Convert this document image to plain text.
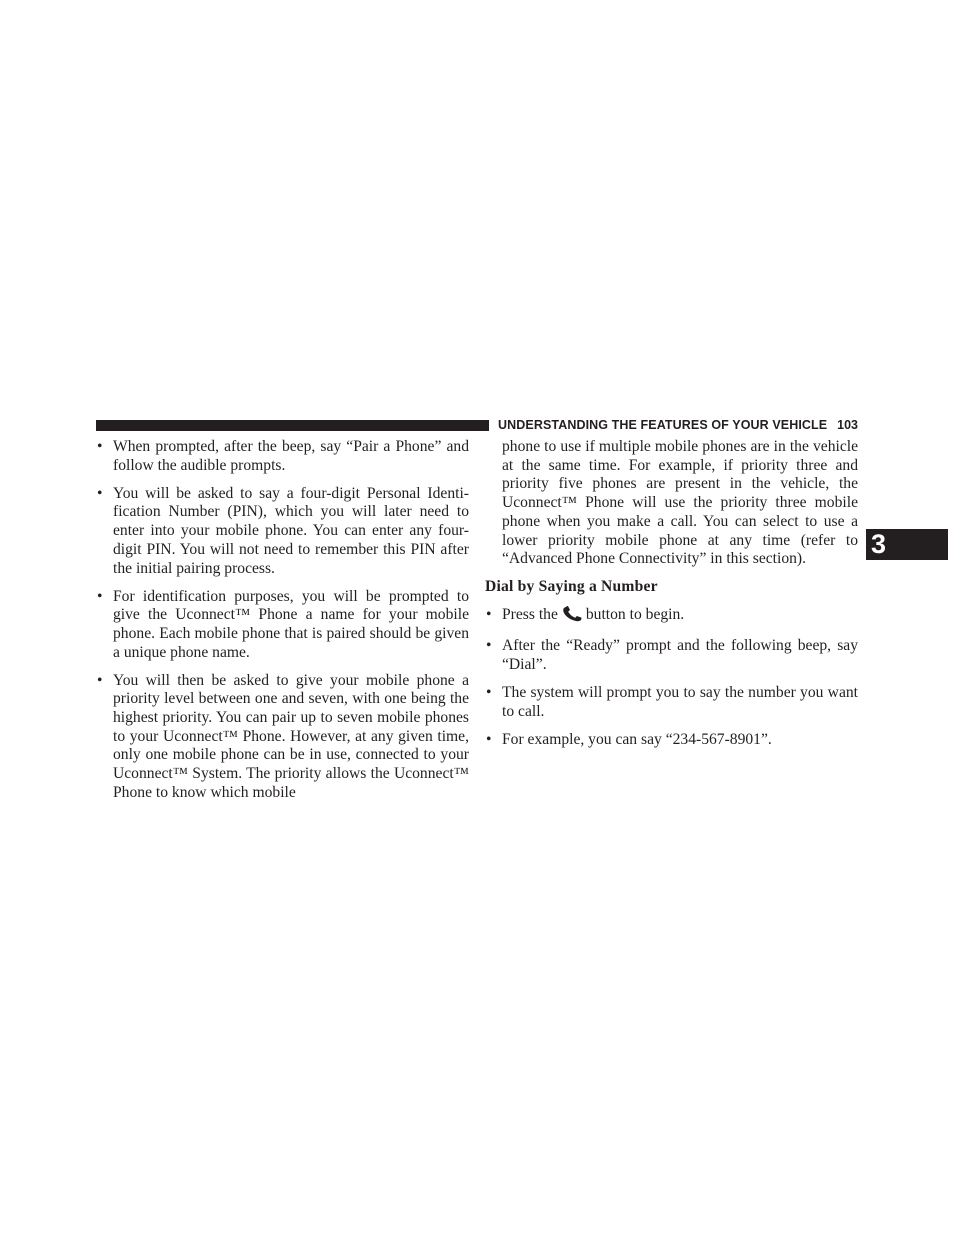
UNDERSTANDING THE FEATURES OF YOUR VEHICLE 103
3
• When prompted, after the beep, say “Pair a Phone” and follow the audible prompts.
• You will be asked to say a four-digit Personal Identification Number (PIN), which you will later need to enter into your mobile phone. You can enter any four-digit PIN. You will not need to remember this PIN after the initial pairing process.
• For identification purposes, you will be prompted to give the Uconnect™ Phone a name for your mobile phone. Each mobile phone that is paired should be given a unique phone name.
• You will then be asked to give your mobile phone a priority level between one and seven, with one being the highest priority. You can pair up to seven mobile phones to your Uconnect™ Phone. However, at any given time, only one mobile phone can be in use, connected to your Uconnect™ System. The priority allows the Uconnect™ Phone to know which mobile

phone to use if multiple mobile phones are in the vehicle at the same time. For example, if priority three and priority five phones are present in the vehicle, the Uconnect™ Phone will use the priority three mobile phone when you make a call. You can select to use a lower priority mobile phone at any time (refer to “Advanced Phone Connectivity” in this section).

Dial by Saying a Number

• Press the button to begin.
• After the “Ready” prompt and the following beep, say “Dial”.
• The system will prompt you to say the number you want to call.
• For example, you can say “234-567-8901”.
